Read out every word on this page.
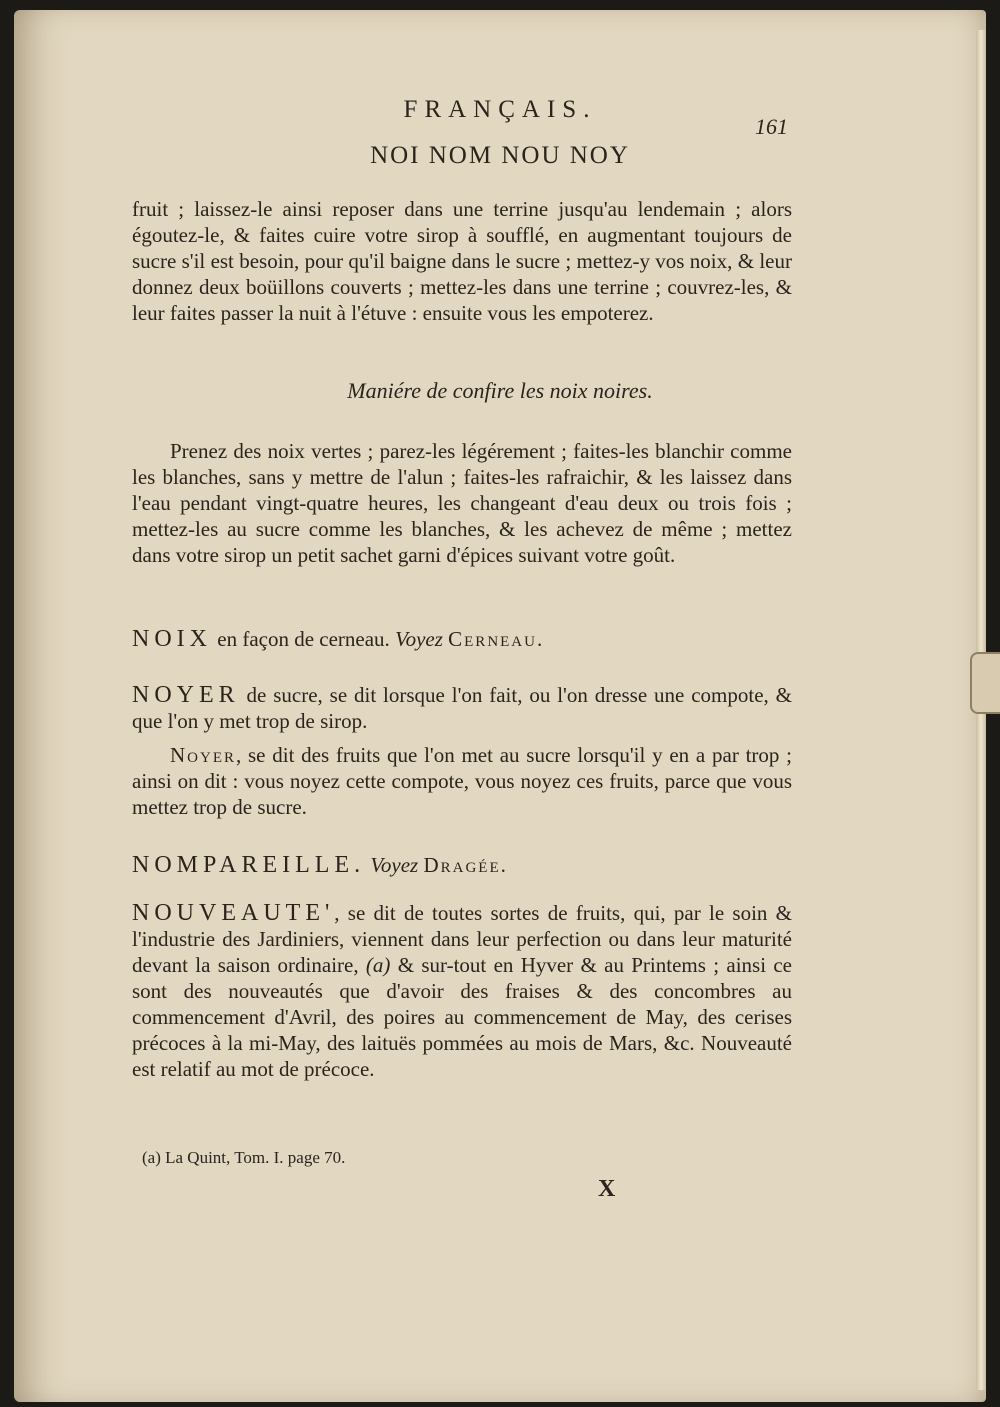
FRANÇAIS.
161
NOI NOM NOU NOY
fruit ; laissez-le ainsi reposer dans une terrine jusqu'au lendemain ; alors égoutez-le, & faites cuire votre sirop à soufflé, en augmentant toujours de sucre s'il est besoin, pour qu'il baigne dans le sucre ; mettez-y vos noix, & leur donnez deux boüillons couverts ; mettez-les dans une terrine ; couvrez-les, & leur faites passer la nuit à l'étuve : ensuite vous les empoterez.
Maniére de confire les noix noires.
Prenez des noix vertes ; parez-les légérement ; faites-les blanchir comme les blanches, sans y mettre de l'alun ; faites-les rafraichir, & les laissez dans l'eau pendant vingt-quatre heures, les changeant d'eau deux ou trois fois ; mettez-les au sucre comme les blanches, & les achevez de même ; mettez dans votre sirop un petit sachet garni d'épices suivant votre goût.
NOIX en façon de cerneau. Voyez Cerneau.
NOYER de sucre, se dit lorsque l'on fait, ou l'on dresse une compote, & que l'on y met trop de sirop.
Noyer, se dit des fruits que l'on met au sucre lorsqu'il y en a par trop ; ainsi on dit : vous noyez cette compote, vous noyez ces fruits, parce que vous mettez trop de sucre.
NOMPAREILLE. Voyez Dragée.
NOUVEAUTE', se dit de toutes sortes de fruits, qui, par le soin & l'industrie des Jardiniers, viennent dans leur perfection ou dans leur maturité devant la saison ordinaire, (a) & sur-tout en Hyver & au Printems ; ainsi ce sont des nouveautés que d'avoir des fraises & des concombres au commencement d'Avril, des poires au commencement de May, des cerises précoces à la mi-May, des laituës pommées au mois de Mars, &c. Nouveauté est relatif au mot de précoce.
(a) La Quint, Tom. I. page 70.
X
